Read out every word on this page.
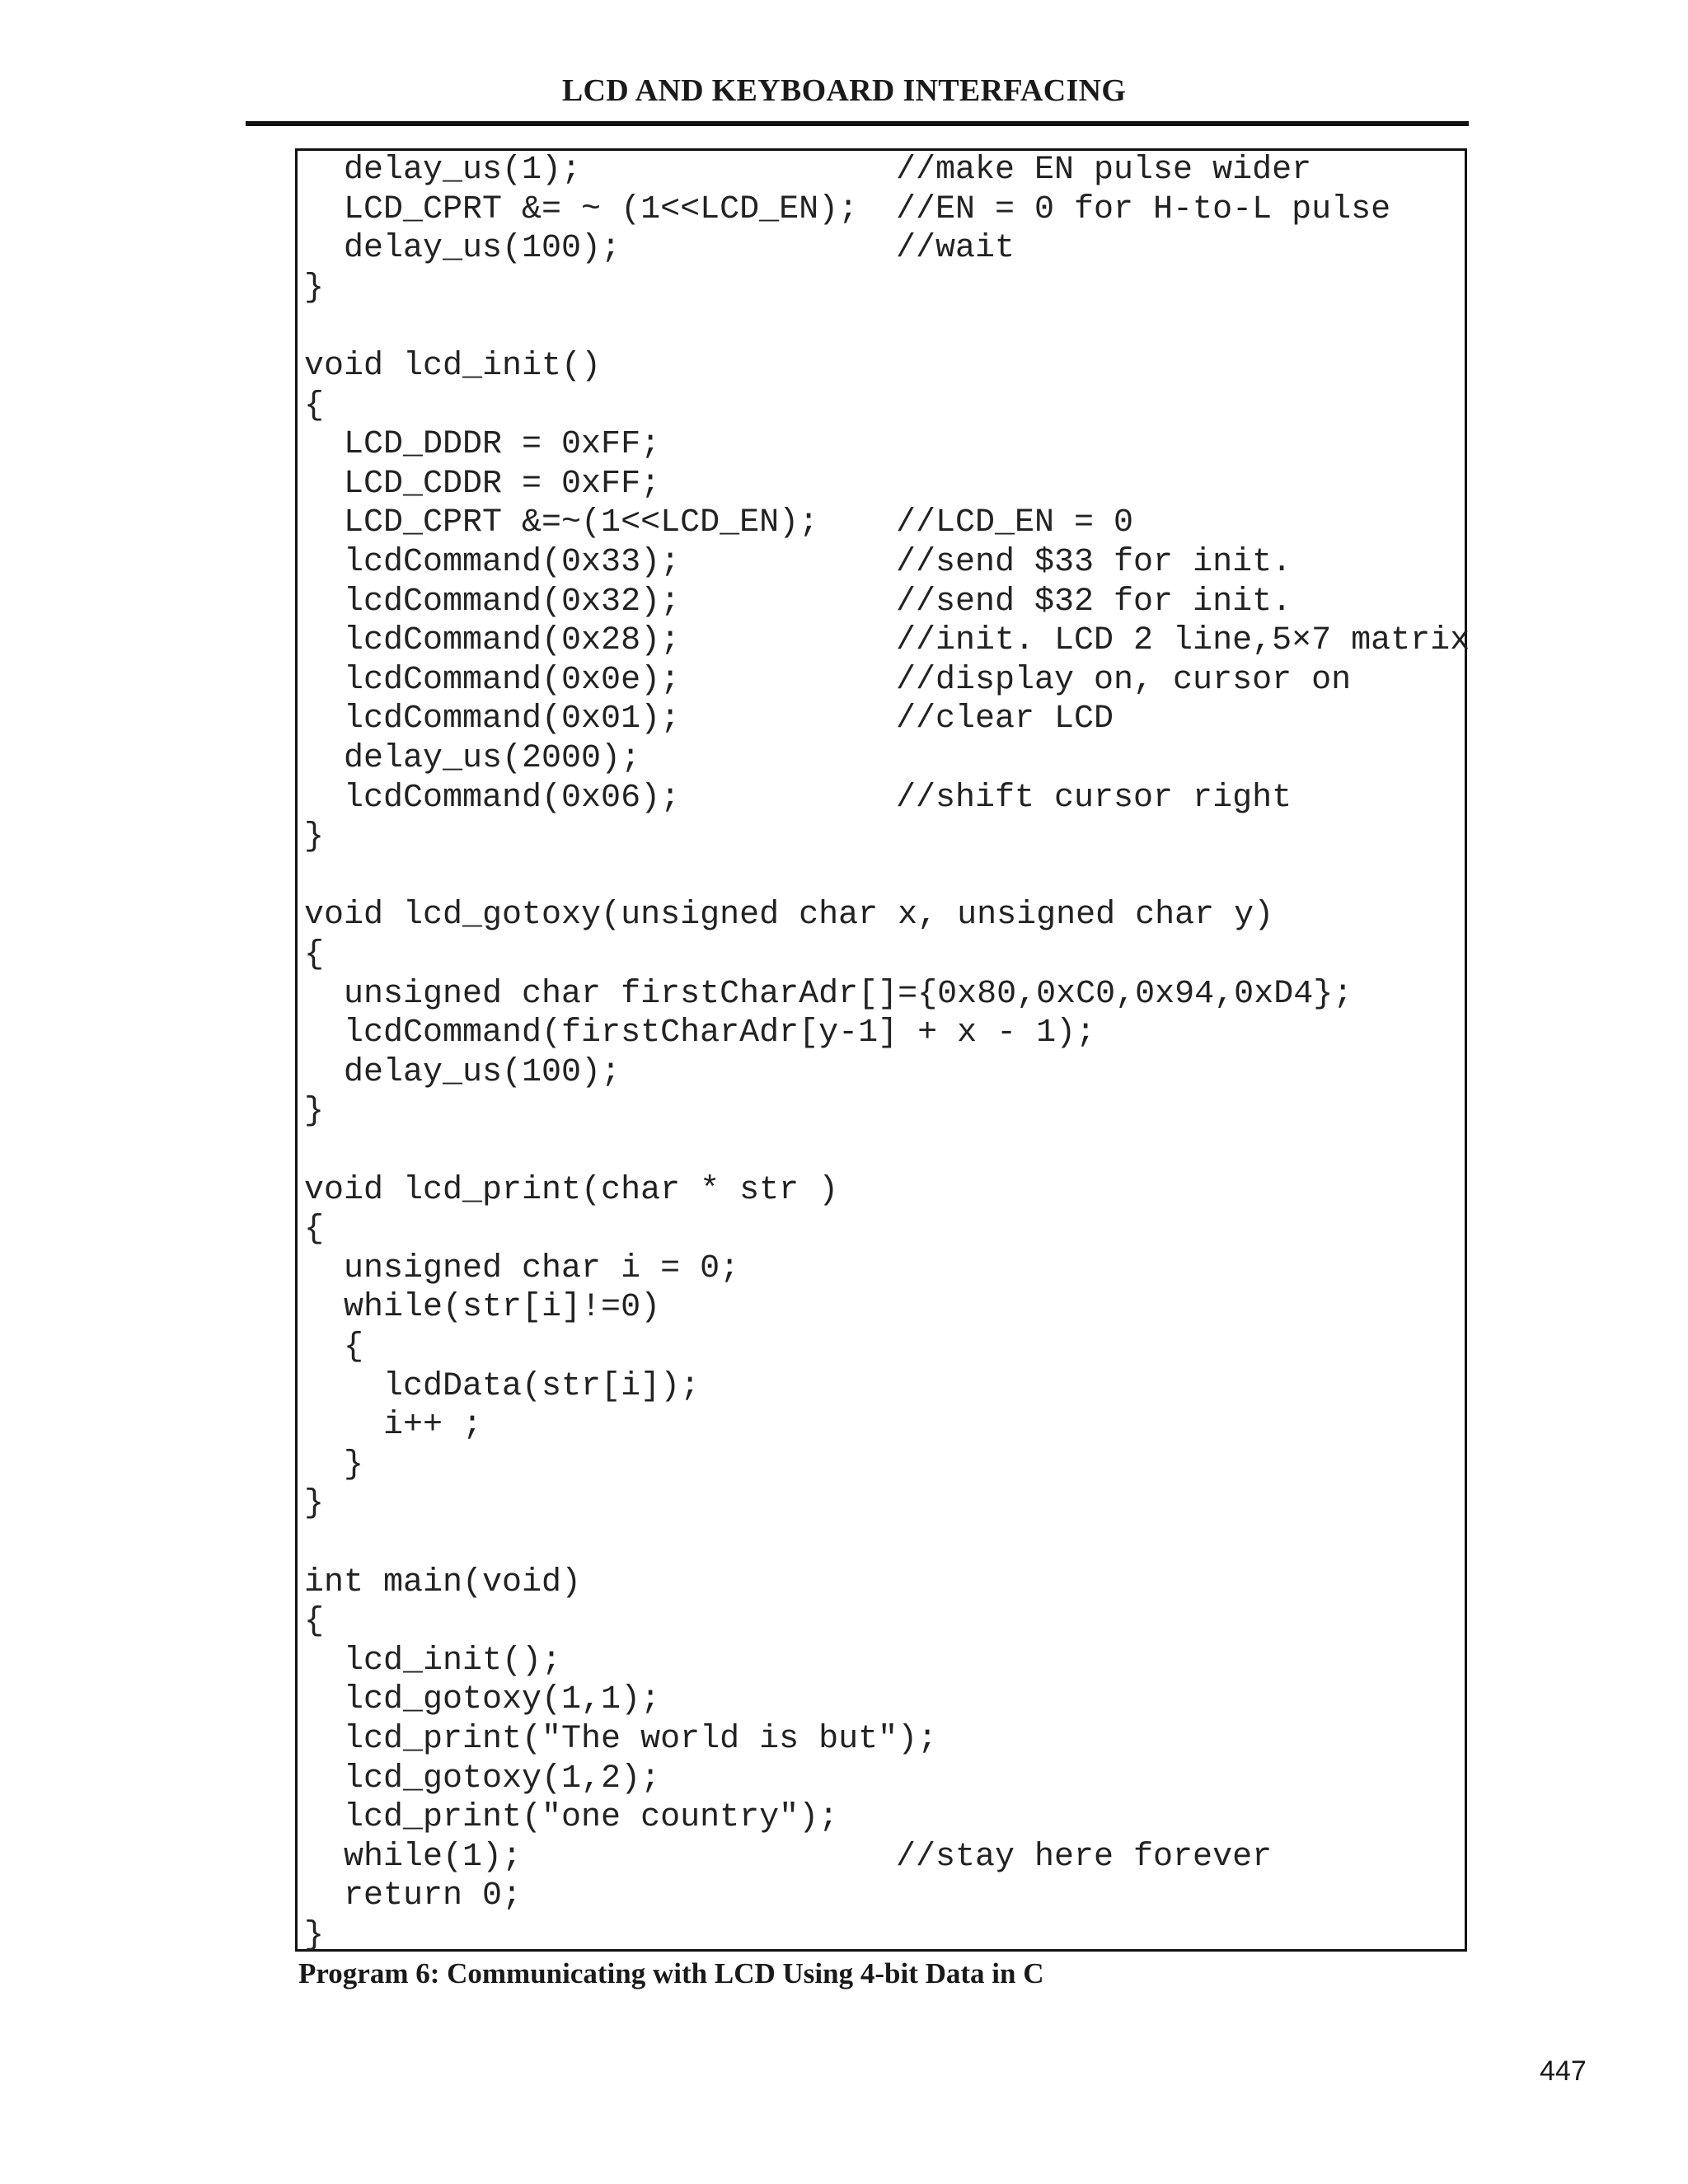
LCD AND KEYBOARD INTERFACING
delay_us(1);	//make EN pulse wider
LCD_CPRT &= ~ (1<<LCD_EN); //EN = 0 for H-to-L pulse
delay_us(100);	//wait
}
void lcd_init()
{
LCD_DDDR = 0xFF;
LCD_CDDR = 0xFF;
LCD_CPRT &=~(1<<LCD_EN); //LCD_EN = 0
lcdCommand(0x33);	//send $33 for init.
lcdCommand(0x32);	//send $32 for init.
lcdCommand(0x28);	//init. LCD 2 line,5×7 matrix
lcdCommand(0x0e);	//display on, cursor on
lcdCommand(0x01);	//clear LCD
delay_us(2000);
lcdCommand(0x06);	//shift cursor right
}
void lcd_gotoxy(unsigned char x, unsigned char y)
{
unsigned char firstCharAdr[]={0x80,0xC0,0x94,0xD4};
lcdCommand(firstCharAdr[y-1] + x - 1);
delay_us(100);
}
void lcd_print(char * str )
{
unsigned char i = 0;
while(str[i]!=0)
{
lcdData(str[i]);
i++ ;
}
}
int main(void)
{
lcd_init();
lcd_gotoxy(1,1);
lcd_print("The world is but");
lcd_gotoxy(1,2);
lcd_print("one country");
while(1);	//stay here forever
return 0;
}
Program 6: Communicating with LCD Using 4-bit Data in C
447
